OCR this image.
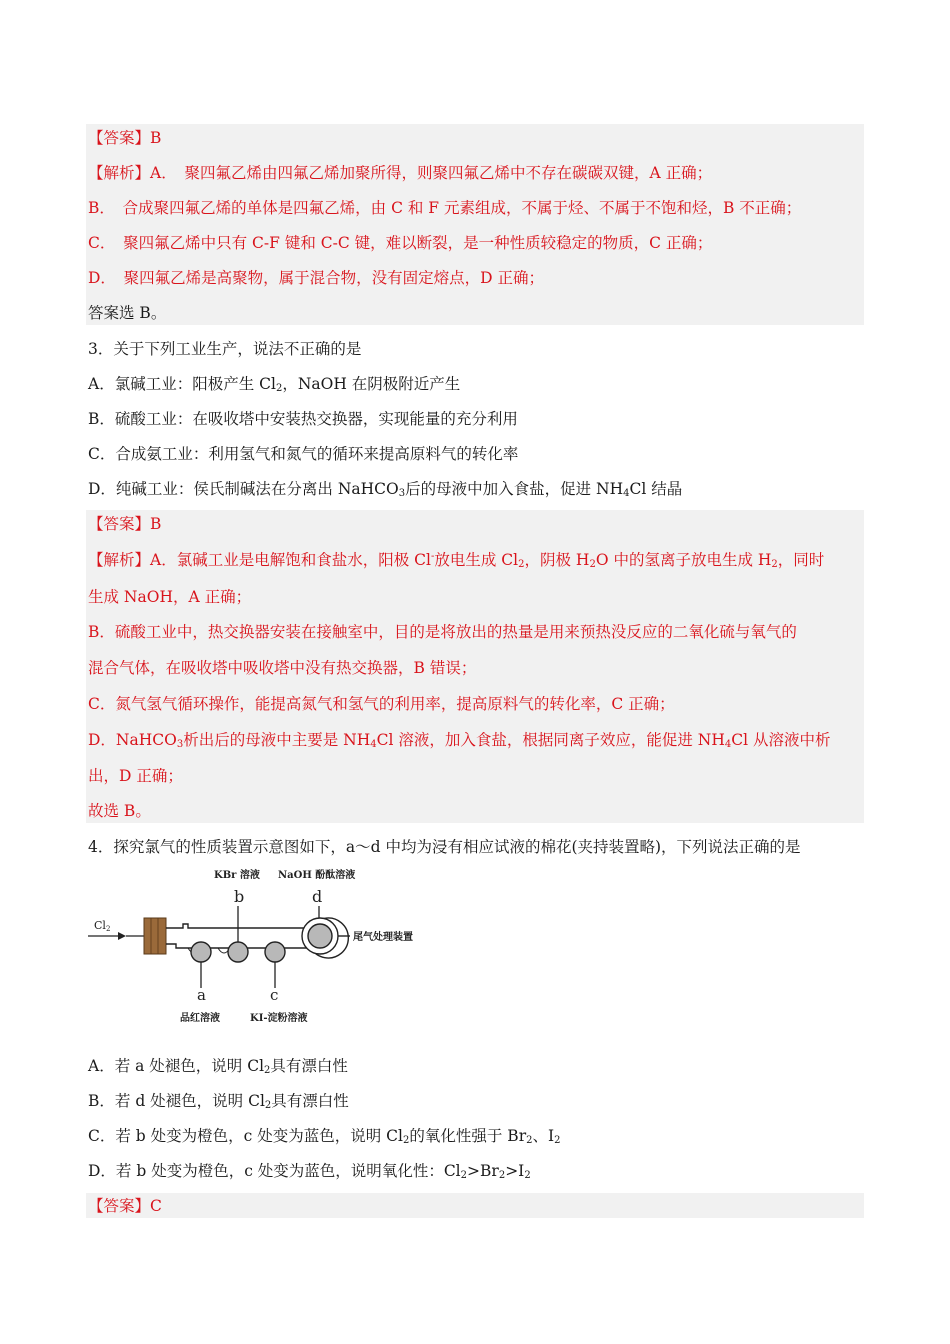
【答案】B
【解析】A．　聚四氟乙烯由四氟乙烯加聚所得，则聚四氟乙烯中不存在碳碳双键，A 正确；
B．　合成聚四氟乙烯的单体是四氟乙烯，由 C 和 F 元素组成，不属于烃、不属于不饱和烃，B 不正确；
C．　聚四氟乙烯中只有 C-F 键和 C-C 键，难以断裂，是一种性质较稳定的物质，C 正确；
D．　聚四氟乙烯是高聚物，属于混合物，没有固定熔点，D 正确；
答案选 B。
3．关于下列工业生产，说法不正确的是
A．氯碱工业：阳极产生 $Cl_2$，NaOH 在阴极附近产生
B．硫酸工业：在吸收塔中安装热交换器，实现能量的充分利用
C．合成氨工业：利用氢气和氮气的循环来提高原料气的转化率
D．纯碱工业：侯氏制碱法在分离出 NaHCO$_3$后的母液中加入食盐，促进 $NH_4Cl$ 结晶
【答案】B
【解析】A．氯碱工业是电解饱和食盐水，阳极 Cl-放电生成 $Cl_2$，阴极 $H_2O$ 中的氢离子放电生成 $H_2$，同时
生成 NaOH，A 正确；
B．硫酸工业中，热交换器安装在接触室中，目的是将放出的热量是用来预热没反应的二氧化硫与氧气的
混合气体，在吸收塔中吸收塔中没有热交换器，B 错误；
C．氮气氢气循环操作，能提高氮气和氢气的利用率，提高原料气的转化率，C 正确；
D．NaHCO$_3$析出后的母液中主要是 $NH_4Cl$ 溶液，加入食盐，根据同离子效应，能促进 $NH_4Cl$ 从溶液中析
出，D 正确；
故选 B。
4．探究氯气的性质装置示意图如下，a～d 中均为浸有相应试液的棉花(夹持装置略)，下列说法正确的是
KBr 溶液 NaOH 酚酞溶液
b	d
Cl2
尾气处理装置
a	c
品红溶液	KI-淀粉溶液
A．若 a 处褪色，说明 $Cl_2$具有漂白性
B．若 d 处褪色，说明 $Cl_2$具有漂白性
C．若 b 处变为橙色，c 处变为蓝色，说明 $Cl_2$的氧化性强于 $Br_2$、$I_2$
D．若 b 处变为橙色，c 处变为蓝色，说明氧化性：$Cl_2>Br_2>I_2$
【答案】C
